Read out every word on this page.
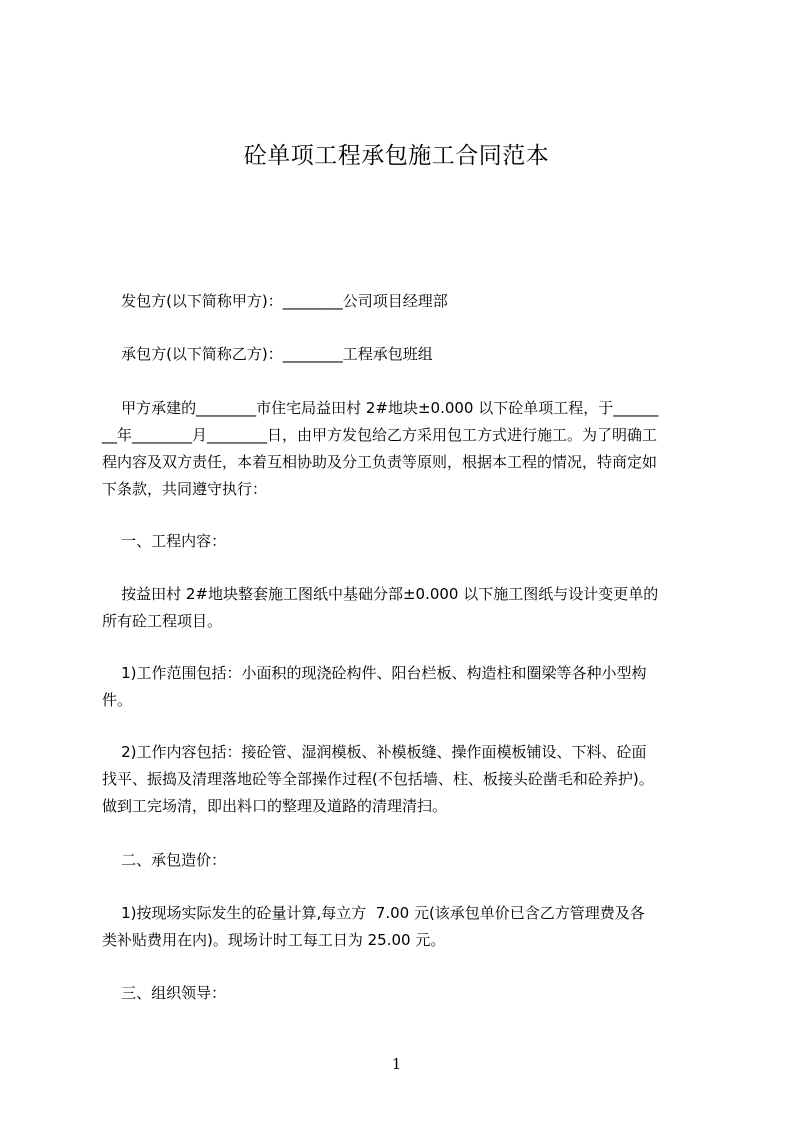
砼单项工程承包施工合同范本
发包方(以下简称甲方)：________公司项目经理部
承包方(以下简称乙方)：________工程承包班组
甲方承建的________市住宅局益田村 2#地块±0.000 以下砼单项工程，于______
__年________月________日，由甲方发包给乙方采用包工方式进行施工。为了明确工
程内容及双方责任，本着互相协助及分工负责等原则，根据本工程的情况，特商定如
下条款，共同遵守执行：
一、工程内容：
按益田村 2#地块整套施工图纸中基础分部±0.000 以下施工图纸与设计变更单的
所有砼工程项目。
1)工作范围包括：小面积的现浇砼构件、阳台栏板、构造柱和圈梁等各种小型构
件。
2)工作内容包括：接砼管、湿润模板、补模板缝、操作面模板铺设、下料、砼面
找平、振捣及清理落地砼等全部操作过程(不包括墙、柱、板接头砼凿毛和砼养护)。
做到工完场清，即出料口的整理及道路的清理清扫。
二、承包造价：
1)按现场实际发生的砼量计算,每立方  7.00 元(该承包单价已含乙方管理费及各
类补贴费用在内)。现场计时工每工日为 25.00 元。
三、组织领导：
1
